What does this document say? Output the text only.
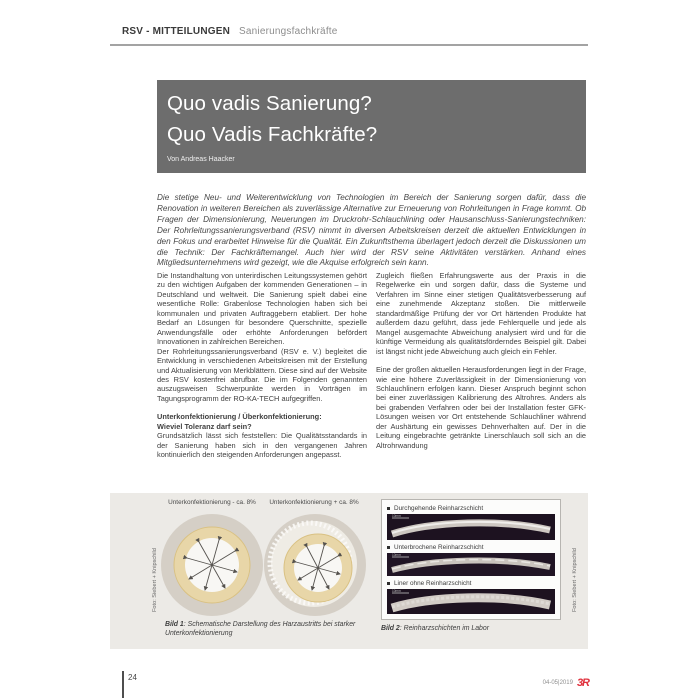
RSV - MITTEILUNGEN Sanierungsfachkräfte
Quo vadis Sanierung?
Quo Vadis Fachkräfte?
Von Andreas Haacker

Die stetige Neu- und Weiterentwicklung von Technologien im Bereich der Sanierung sorgen dafür, dass die Renovation in weiteren Bereichen als zuverlässige Alternative zur Erneuerung von Rohrleitungen in Frage kommt. Ob Fragen der Dimensionierung, Neuerungen im Druckrohr-Schlauchlining oder Hausanschluss-Sanierungstechniken: Der Rohrleitungssanierungsverband (RSV) nimmt in diversen Arbeitskreisen derzeit die aktuellen Entwicklungen in den Fokus und erarbeitet Hinweise für die Qualität. Ein Zukunftsthema überlagert jedoch derzeit die Diskussionen um die Technik: Der Fachkräftemangel. Auch hier wird der RSV seine Aktivitäten verstärken. Anhand eines Mitgliedsunternehmens wird gezeigt, wie die Akquise erfolgreich sein kann.

Die Instandhaltung von unterirdischen Leitungssystemen gehört zu den wichtigen Aufgaben der kommenden Generationen – in Deutschland und weltweit. Die Sanierung spielt dabei eine wesentliche Rolle: Grabenlose Technologien haben sich bei kommunalen und privaten Auftraggebern etabliert. Der hohe Bedarf an Lösungen für besondere Querschnitte, spezielle Anwendungsfälle oder erhöhte Anforderungen befördert Innovationen in zahlreichen Bereichen.

Der Rohrleitungssanierungsverband (RSV e. V.) begleitet die Entwicklung in verschiedenen Arbeitskreisen mit der Erstellung und Aktualisierung von Merkblättern. Diese sind auf der Website des RSV kostenfrei abrufbar. Die im Folgenden genannten auszugsweisen Schwerpunkte werden in Vorträgen im Tagungsprogramm der RO-KA-TECH aufgegriffen.

Unterkonfektionierung / Überkonfektionierung:
Wieviel Toleranz darf sein?

Grundsätzlich lässt sich feststellen: Die Qualitätsstandards in der Sanierung haben sich in den vergangenen Jahren kontinuierlich den steigenden Anforderungen angepasst.

Zugleich fließen Erfahrungswerte aus der Praxis in die Regelwerke ein und sorgen dafür, dass die Systeme und Verfahren im Sinne einer stetigen Qualitätsverbesserung auf eine zunehmende Akzeptanz stoßen. Die mittlerweile standardmäßige Prüfung der vor Ort härtenden Produkte hat außerdem dazu geführt, dass jede Fehlerquelle und jede als Mangel ausgemachte Abweichung analysiert wird und für die künftige Vermeidung als qualitätsförderndes Beispiel gilt. Dabei ist längst nicht jede Abweichung auch gleich ein Fehler.

Eine der großen aktuellen Herausforderungen liegt in der Frage, wie eine höhere Zuverlässigkeit in der Dimensionierung von Schlauchlinern erfolgen kann. Dieser Anspruch beginnt schon bei einer zuverlässigen Kalibrierung des Altrohres. Anders als bei grabenden Verfahren oder bei der Installation fester GFK-Lösungen weisen vor Ort entstehende Schlauchliner während der Aushärtung ein gewisses Dehnverhalten auf. Der in die Leitung eingebrachte getränkte Linerschlauch soll sich an die Altrohrwandung

Foto: Siebert + Knipschild
Unterkonfektionierung - ca. 8%	Unterkonfektionierung + ca. 8%
Bild 1: Schematische Darstellung des Harzaustritts bei starker Unterkonfektionierung
Durchgehende Reinharzschicht
10mm
Unterbrochene Reinharzschicht
10mm
Liner ohne Reinharzschicht
10mm	Foto: Siebert + Knipschild
Bild 2: Reinharzschichten im Labor
24
04-05|2019 3R
